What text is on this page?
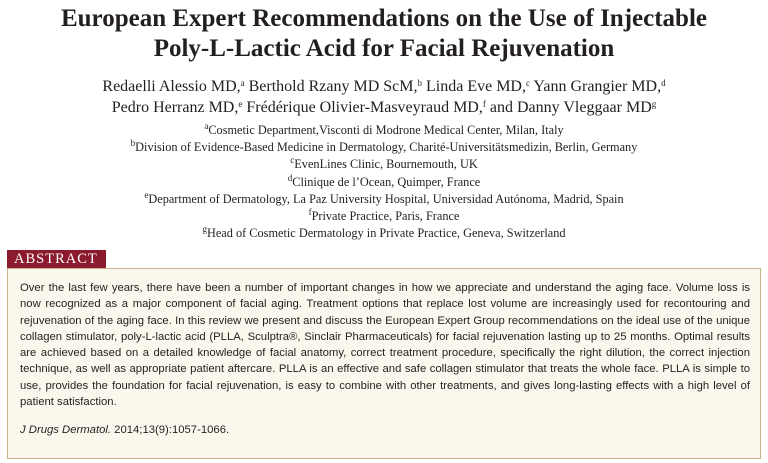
European Expert Recommendations on the Use of Injectable
Poly-L-Lactic Acid for Facial Rejuvenation
Redaelli Alessio MD,$^a$ Berthold Rzany MD ScM,$^b$ Linda Eve MD,$^c$ Yann Grangier MD,$^d$
Pedro Herranz MD,$^e$ Frédérique Olivier-Masveyraud MD,$^f$ and Danny Vleggaar $MD^g$
$^a$Cosmetic Department,Visconti di Modrone Medical Center, Milan, Italy
$^b$Division of Evidence-Based Medicine in Dermatology, Charité-Universitätsmedizin, Berlin, Germany
$^c$EvenLines Clinic, Bournemouth, UK
$^d$Clinique de l’Ocean, Quimper, France
$^e$Department of Dermatology, La Paz University Hospital, Universidad Autónoma, Madrid, Spain
$^f$Private Practice, Paris, France
$^g$Head of Cosmetic Dermatology in Private Practice, Geneva, Switzerland
ABSTRACT

Over the last few years, there have been a number of important changes in how we appreciate and understand the aging face. Volume loss is now recognized as a major component of facial aging. Treatment options that replace lost volume are increasingly used for recontouring and rejuvenation of the aging face. In this review we present and discuss the European Expert Group recommendations on the ideal use of the unique collagen stimulator, poly-L-lactic acid (PLLA, Sculptra®, Sinclair Pharmaceuticals) for facial rejuvenation lasting up to 25 months. Optimal results are achieved based on a detailed knowledge of facial anatomy, correct treatment procedure, specifically the right dilution, the correct injection technique, as well as appropriate patient aftercare. PLLA is an effective and safe collagen stimulator that treats the whole face. PLLA is simple to use, provides the foundation for facial rejuvenation, is easy to combine with other treatments, and gives long-lasting effects with a high level of patient satisfaction.

J Drugs Dermatol. 2014;13(9):1057-1066.
